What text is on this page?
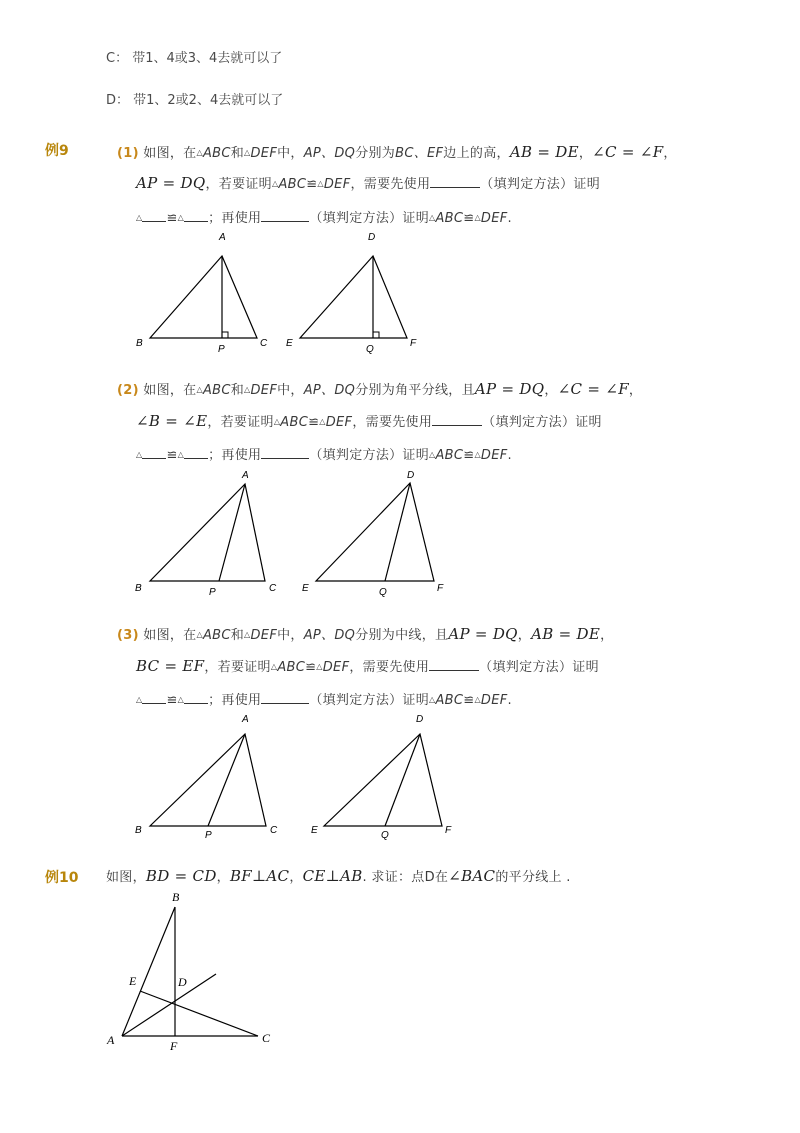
C： 带1、4或3、4去就可以了
D： 带1、2或2、4去就可以了
例9	(1) 如图，在△ABC和△DEF中，AP、DQ分别为BC、EF边上的高，AB = DE，∠C = ∠F，
AP = DQ，若要证明△ABC≌△DEF，需要先使用	（填判定方法）证明
△ ≌△ ；再使用	（填判定方法）证明△ABC≌△DEF.
A
B	C
P
D
E	F
Q
A
B	C
P
D
E	F
Q
A
B	C
P
D
E	F
Q
B
E	D
A	F
C
(2) 如图，在△ABC和△DEF中，AP、DQ分别为角平分线，且AP = DQ，∠C = ∠F，
∠B = ∠E，若要证明△ABC≌△DEF，需要先使用	（填判定方法）证明
△ ≌△ ；再使用	（填判定方法）证明△ABC≌△DEF.
(3) 如图，在△ABC和△DEF中，AP、DQ分别为中线，且AP = DQ，AB = DE，
BC = EF，若要证明△ABC≌△DEF，需要先使用	（填判定方法）证明
△ ≌△ ；再使用	（填判定方法）证明△ABC≌△DEF.
例10 如图，BD = CD，BF⊥AC，CE⊥AB. 求证：点D在∠BAC的平分线上 .
